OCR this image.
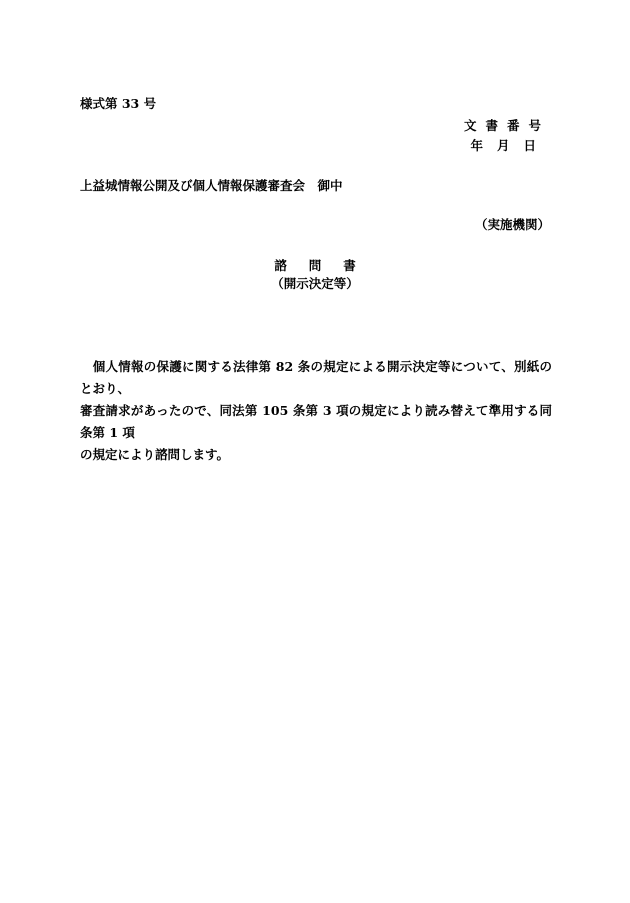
様式第 33 号
文書番号
年月日
上益城情報公開及び個人情報保護審査会　御中
（実施機関）
諮問書
（開示決定等）
　個人情報の保護に関する法律第 82 条の規定による開示決定等について、別紙のとおり、
審査請求があったので、同法第 105 条第 3 項の規定により読み替えて準用する同条第 1 項
の規定により諮問します。
